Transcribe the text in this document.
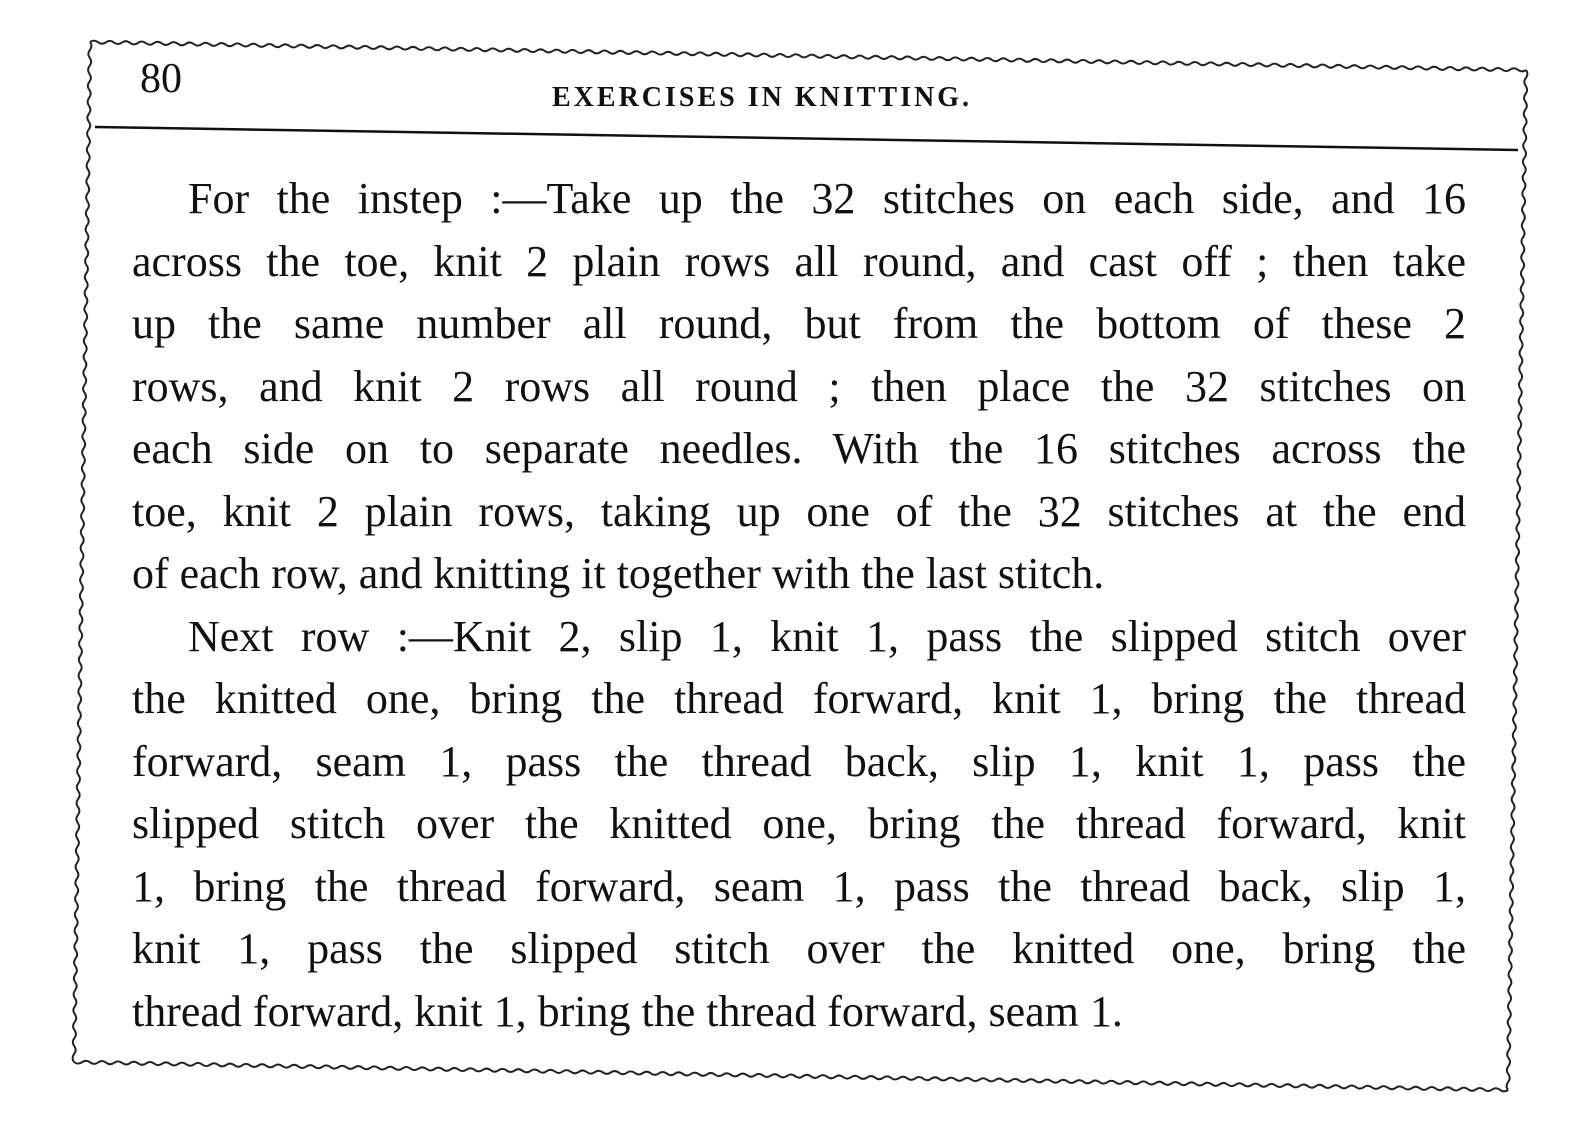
80	EXERCISES IN KNITTING.
For the instep :—Take up the 32 stitches on each side, and 16
across the toe, knit 2 plain rows all round, and cast off ; then take
up the same number all round, but from the bottom of these 2
rows, and knit 2 rows all round ; then place the 32 stitches on
each side on to separate needles. With the 16 stitches across the
toe, knit 2 plain rows, taking up one of the 32 stitches at the end
of each row, and knitting it together with the last stitch.
Next row :—Knit 2, slip 1, knit 1, pass the slipped stitch over
the knitted one, bring the thread forward, knit 1, bring the thread
forward, seam 1, pass the thread back, slip 1, knit 1, pass the
slipped stitch over the knitted one, bring the thread forward, knit
1, bring the thread forward, seam 1, pass the thread back, slip 1,
knit 1, pass the slipped stitch over the knitted one, bring the
thread forward, knit 1, bring the thread forward, seam 1.
